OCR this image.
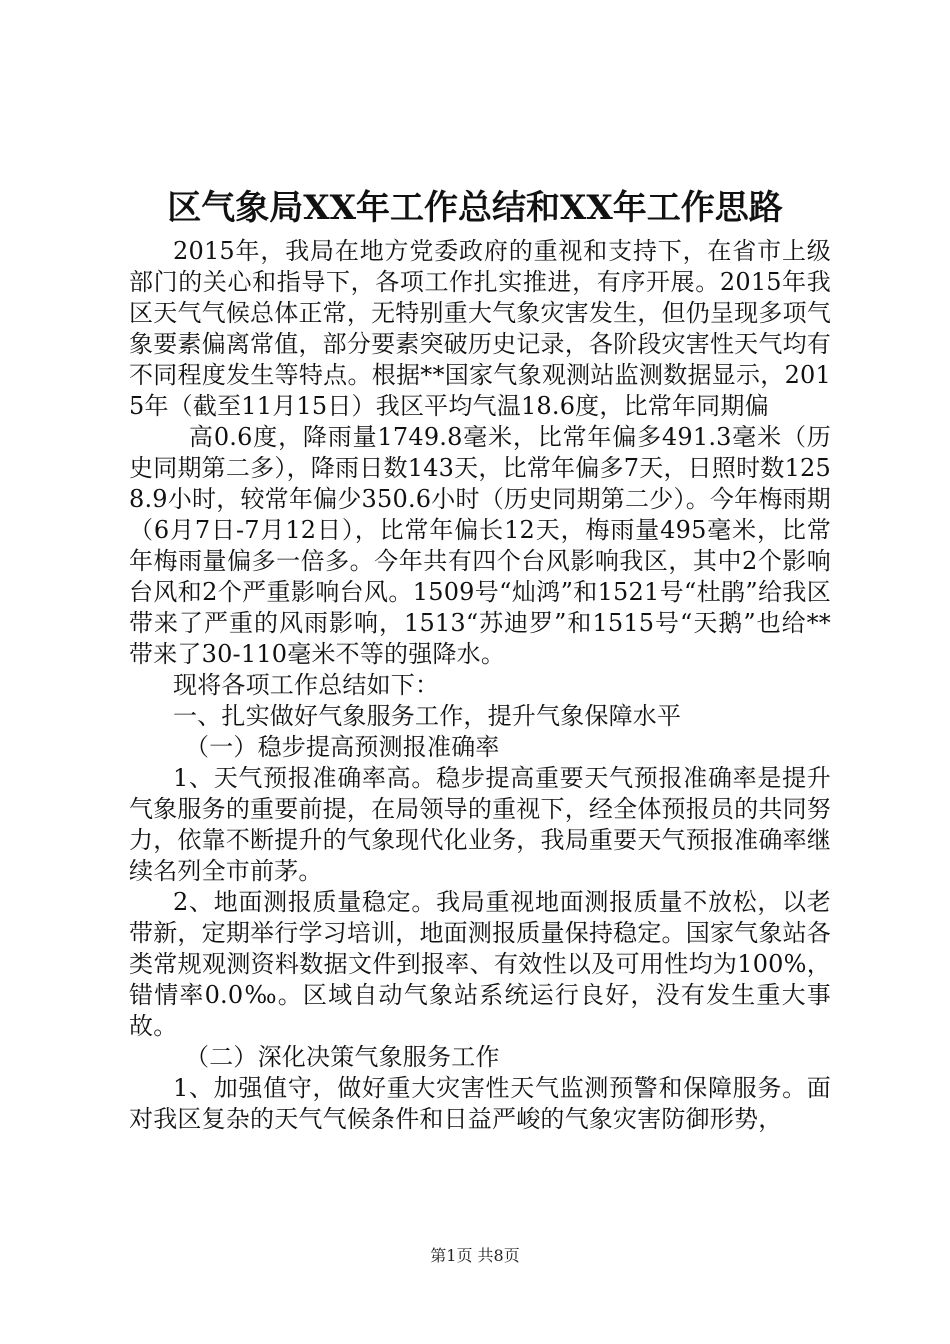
区气象局XX年工作总结和XX年工作思路

2015年，我局在地方党委政府的重视和支持下，在省市上级部门的关心和指导下，各项工作扎实推进，有序开展。2015年我区天气气候总体正常，无特别重大气象灾害发生，但仍呈现多项气象要素偏离常值，部分要素突破历史记录，各阶段灾害性天气均有不同程度发生等特点。根据**国家气象观测站监测数据显示，2015年（截至11月15日）我区平均气温18.6度，比常年同期偏

高0.6度，降雨量1749.8毫米，比常年偏多491.3毫米（历史同期第二多），降雨日数143天，比常年偏多7天，日照时数1258.9小时，较常年偏少350.6小时（历史同期第二少）。今年梅雨期（6月7日-7月12日），比常年偏长12天，梅雨量495毫米，比常年梅雨量偏多一倍多。今年共有四个台风影响我区，其中2个影响台风和2个严重影响台风。1509号“灿鸿”和1521号“杜鹃”给我区带来了严重的风雨影响，1513“苏迪罗”和1515号“天鹅”也给**带来了30-110毫米不等的强降水。

现将各项工作总结如下：

一、扎实做好气象服务工作，提升气象保障水平

（一）稳步提高预测报准确率

1、天气预报准确率高。稳步提高重要天气预报准确率是提升气象服务的重要前提，在局领导的重视下，经全体预报员的共同努力，依靠不断提升的气象现代化业务，我局重要天气预报准确率继续名列全市前茅。

2、地面测报质量稳定。我局重视地面测报质量不放松，以老带新，定期举行学习培训，地面测报质量保持稳定。国家气象站各类常规观测资料数据文件到报率、有效性以及可用性均为100%，错情率0.0‰。区域自动气象站系统运行良好，没有发生重大事故。

（二）深化决策气象服务工作

1、加强值守，做好重大灾害性天气监测预警和保障服务。面对我区复杂的天气气候条件和日益严峻的气象灾害防御形势，

第1页 共8页
